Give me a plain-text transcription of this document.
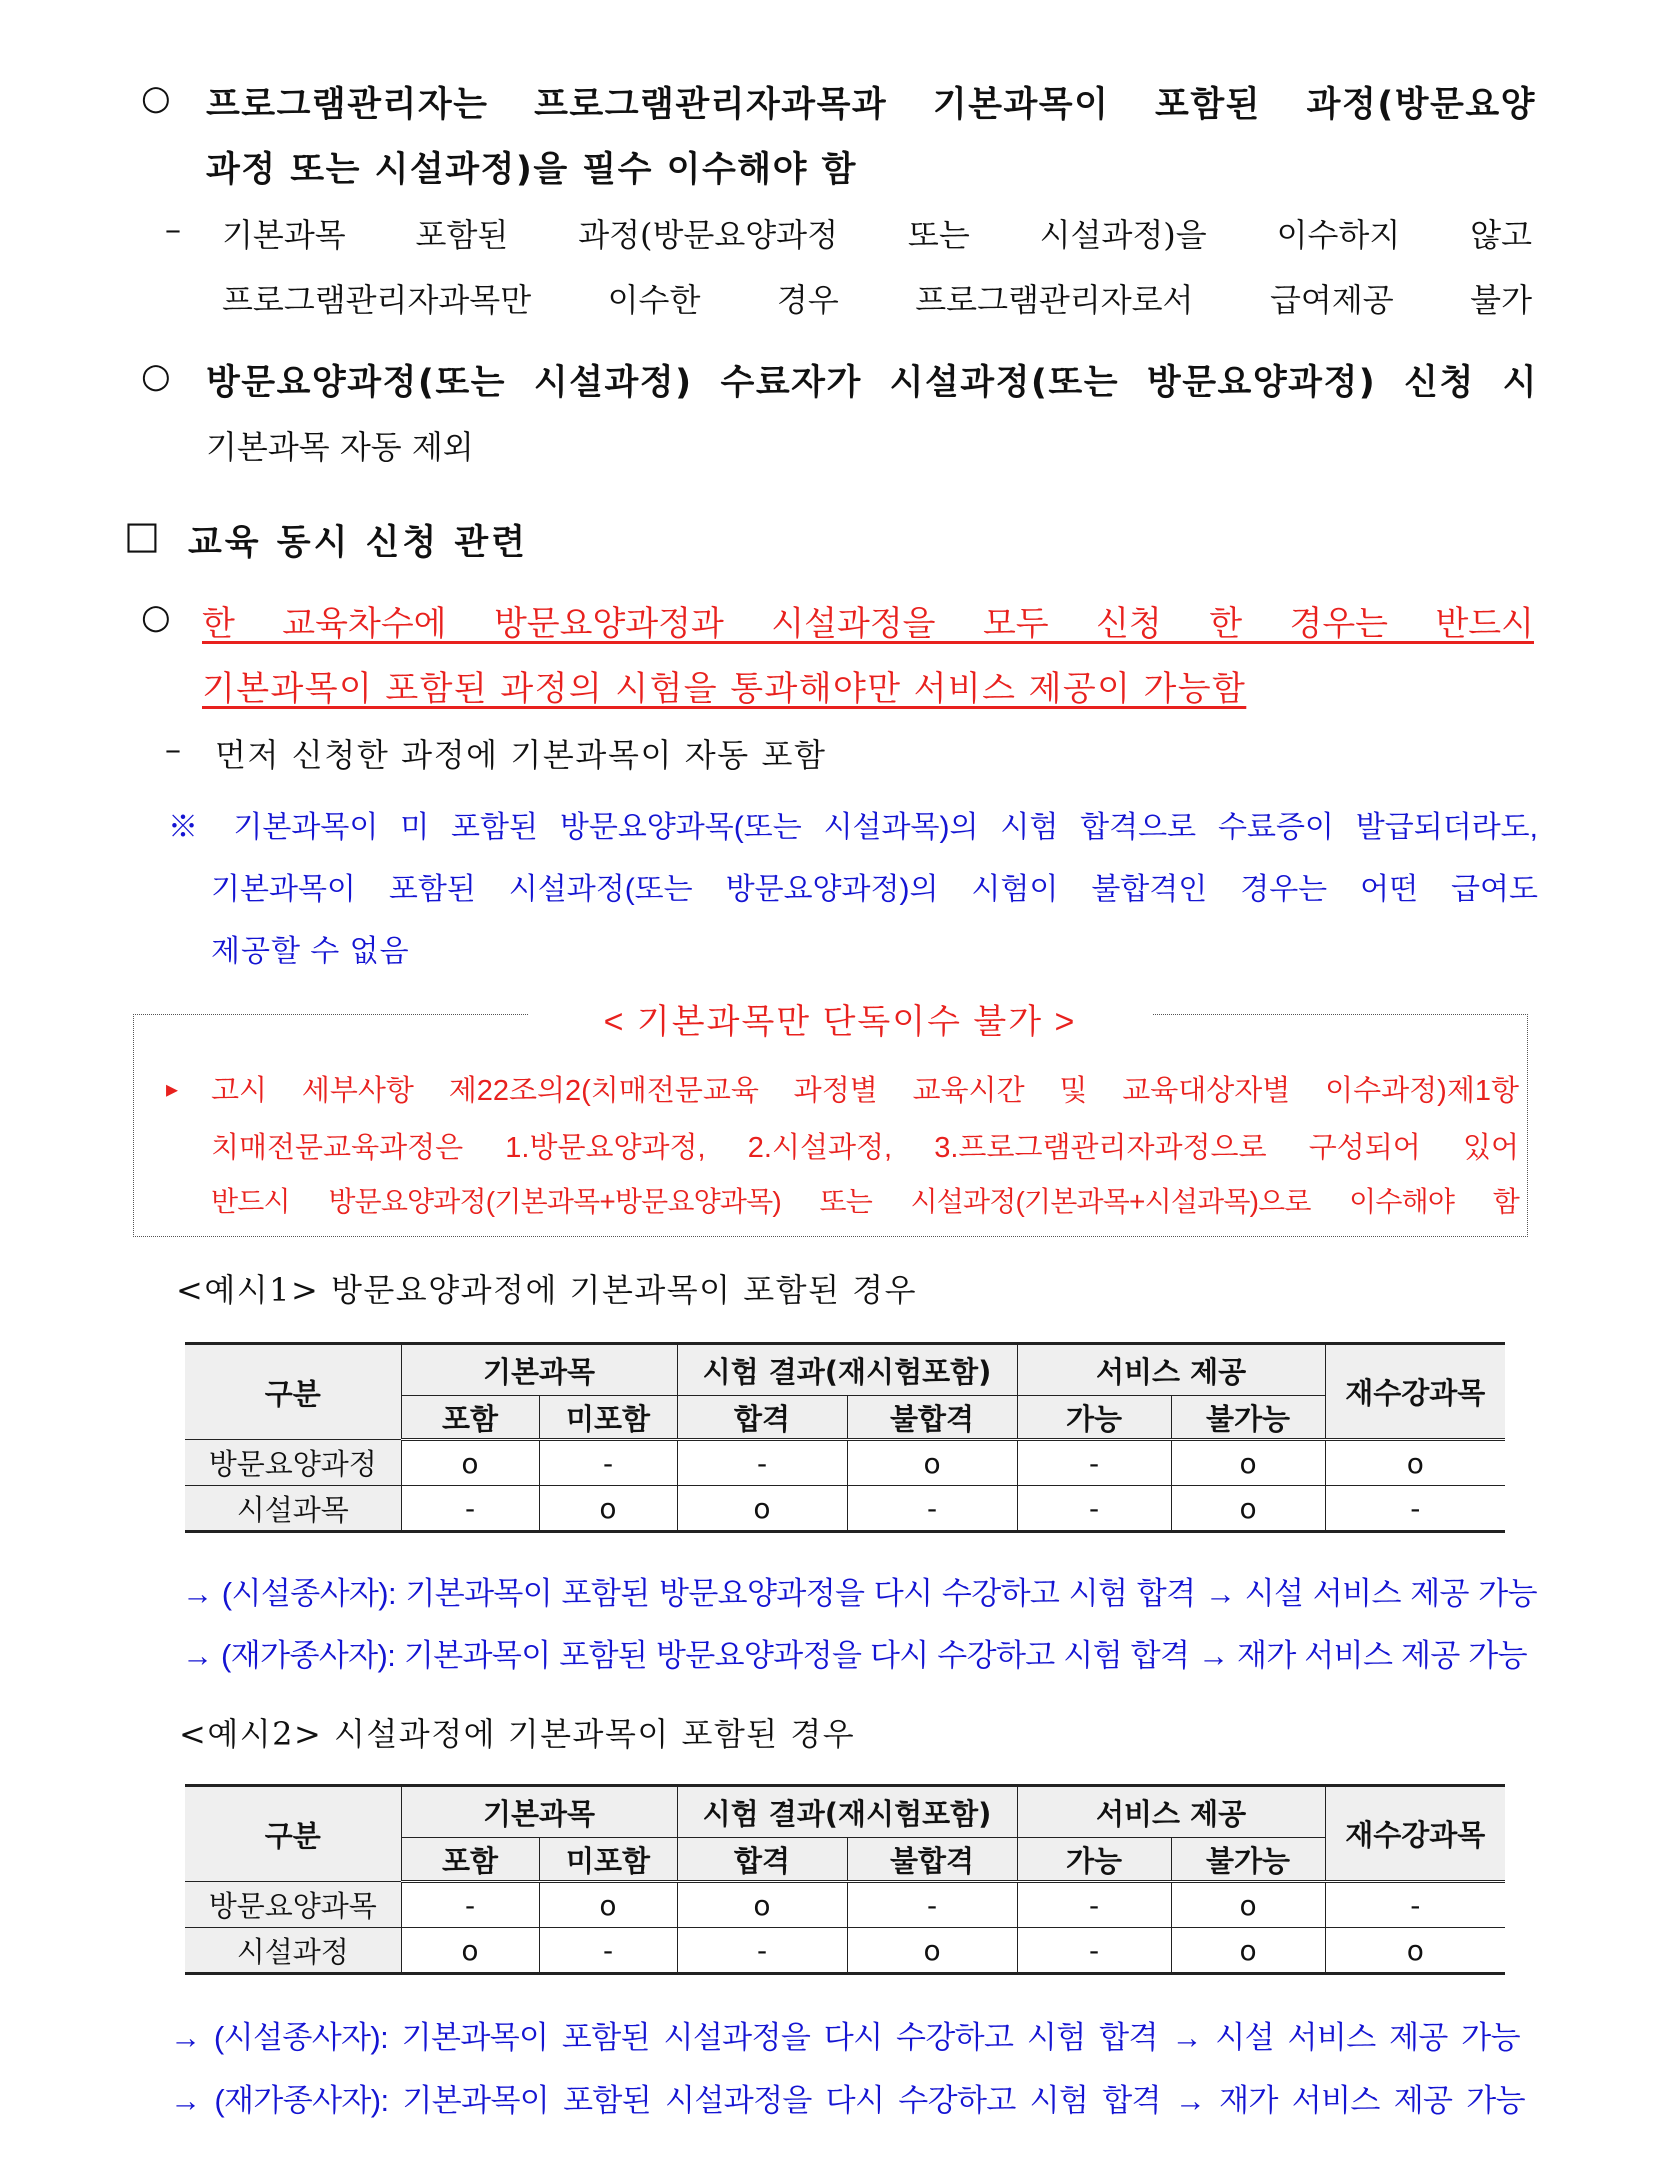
○ 프로그램관리자는 프로그램관리자과목과 기본과목이 포함된 과정(방문요양
과정 또는 시설과정)을 필수 이수해야 함
– 기본과목 포함된 과정(방문요양과정 또는 시설과정)을 이수하지 않고
프로그램관리자과목만 이수한 경우 프로그램관리자로서 급여제공 불가
○ 방문요양과정(또는 시설과정) 수료자가 시설과정(또는 방문요양과정) 신청 시
기본과목 자동 제외
□ 교육 동시 신청 관련
○ 한 교육차수에 방문요양과정과 시설과정을 모두 신청 한 경우는 반드시
기본과목이 포함된 과정의 시험을 통과해야만 서비스 제공이 가능함
– 먼저 신청한 과정에 기본과목이 자동 포함
※ 기본과목이 미 포함된 방문요양과목(또는 시설과목)의 시험 합격으로 수료증이 발급되더라도,
기본과목이 포함된 시설과정(또는 방문요양과정)의 시험이 불합격인 경우는 어떤 급여도
제공할 수 없음
< 기본과목만 단독이수 불가 >
▸ 고시 세부사항 제22조의2(치매전문교육 과정별 교육시간 및 교육대상자별 이수과정)제1항
치매전문교육과정은 1.방문요양과정, 2.시설과정, 3.프로그램관리자과정으로 구성되어 있어
반드시 방문요양과정(기본과목+방문요양과목) 또는 시설과정(기본과목+시설과목)으로 이수해야 함
<예시1> 방문요양과정에 기본과목이 포함된 경우
구분	기본과목		시험 결과(재시험포함)		서비스 제공		재수강과목
	포함	미포함	합격	불합격	가능	불가능	
방문요양과정	o	-	-	o	-	o	o
시설과목	-	o	o	-	-	o	-
→ (시설종사자): 기본과목이 포함된 방문요양과정을 다시 수강하고 시험 합격 → 시설 서비스 제공 가능
→ (재가종사자): 기본과목이 포함된 방문요양과정을 다시 수강하고 시험 합격 → 재가 서비스 제공 가능
<예시2> 시설과정에 기본과목이 포함된 경우
구분	기본과목		시험 결과(재시험포함)		서비스 제공		재수강과목
	포함	미포함	합격	불합격	가능	불가능	
방문요양과목	-	o	o	-	-	o	-
시설과정	o	-	-	o	-	o	o
→ (시설종사자): 기본과목이 포함된 시설과정을 다시 수강하고 시험 합격 → 시설 서비스 제공 가능
→ (재가종사자): 기본과목이 포함된 시설과정을 다시 수강하고 시험 합격 → 재가 서비스 제공 가능
